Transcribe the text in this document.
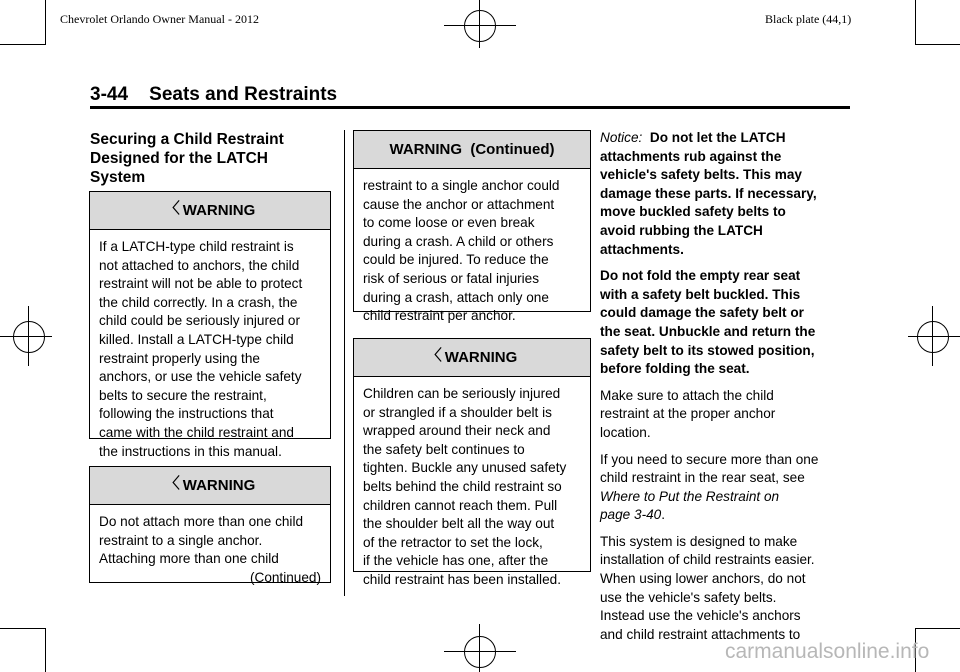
Chevrolet Orlando Owner Manual - 2012	Black plate (44,1)
3-44    Seats and Restraints
Securing a Child Restraint
Designed for the LATCH
System
〈 WARNING
If a LATCH-type child restraint is
not attached to anchors, the child
restraint will not be able to protect
the child correctly. In a crash, the
child could be seriously injured or
killed. Install a LATCH-type child
restraint properly using the
anchors, or use the vehicle safety
belts to secure the restraint,
following the instructions that
came with the child restraint and
the instructions in this manual.
〈 WARNING
Do not attach more than one child
restraint to a single anchor.
Attaching more than one child
(Continued)
WARNING  (Continued)
restraint to a single anchor could
cause the anchor or attachment
to come loose or even break
during a crash. A child or others
could be injured. To reduce the
risk of serious or fatal injuries
during a crash, attach only one
child restraint per anchor.
〈 WARNING
Children can be seriously injured
or strangled if a shoulder belt is
wrapped around their neck and
the safety belt continues to
tighten. Buckle any unused safety
belts behind the child restraint so
children cannot reach them. Pull
the shoulder belt all the way out
of the retractor to set the lock,
if the vehicle has one, after the
child restraint has been installed.
Notice: Do not let the LATCH
attachments rub against the
vehicle's safety belts. This may
damage these parts. If necessary,
move buckled safety belts to
avoid rubbing the LATCH
attachments.
Do not fold the empty rear seat
with a safety belt buckled. This
could damage the safety belt or
the seat. Unbuckle and return the
safety belt to its stowed position,
before folding the seat.
Make sure to attach the child
restraint at the proper anchor
location.
If you need to secure more than one
child restraint in the rear seat, see
Where to Put the Restraint on
page 3-40.
This system is designed to make
installation of child restraints easier.
When using lower anchors, do not
use the vehicle's safety belts.
Instead use the vehicle's anchors
and child restraint attachments to
carmanualsonline.info
